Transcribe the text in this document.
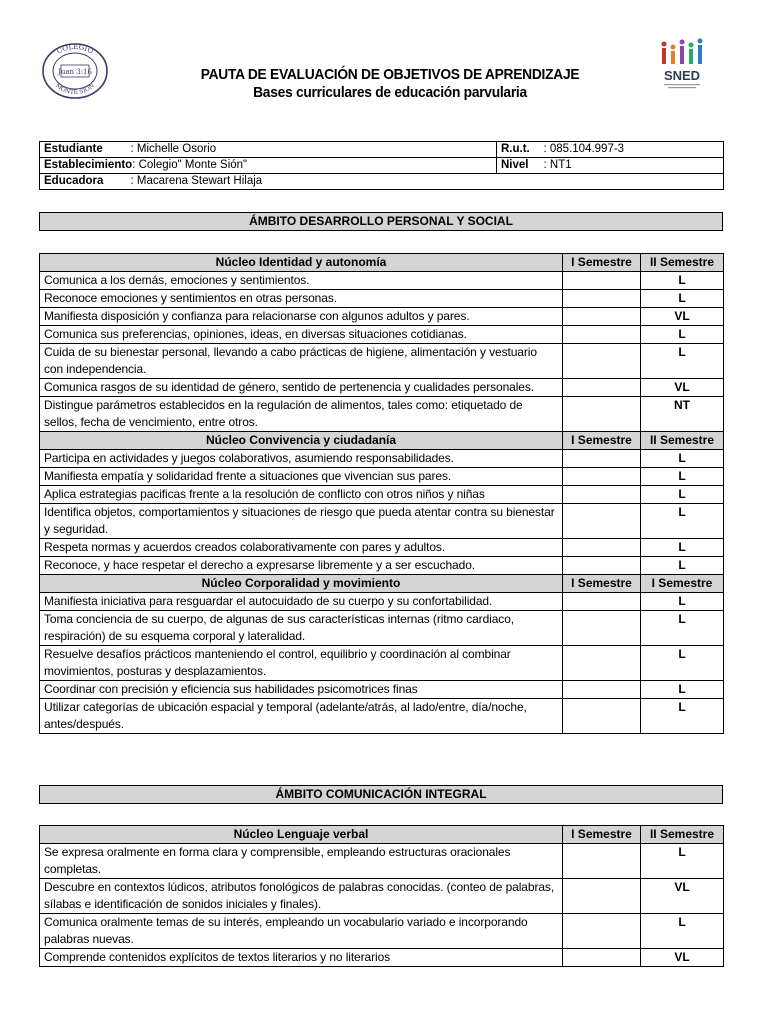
COLEGIO
MONTE SION
Juan 3:16	SNED
PAUTA DE EVALUACIÓN DE OBJETIVOS DE APRENDIZAJE
Bases curriculares de educación parvularia
Estudiante	: Michelle Osorio	R.u.t.	: 085.104.997-3
Establecimiento: Colegio" Monte Sión"		Nivel	: NT1
Educadora	: Macarena Stewart Hilaja		
ÁMBITO DESARROLLO PERSONAL Y SOCIAL
Núcleo Identidad y autonomía	I Semestre	II Semestre
Comunica a los demás, emociones y sentimientos.		L
Reconoce emociones y sentimientos en otras personas.		L
Manifiesta disposición y confianza para relacionarse con algunos adultos y pares.		VL
Comunica sus preferencias, opiniones, ideas, en diversas situaciones cotidianas.		L
Cuida de su bienestar personal, llevando a cabo prácticas de higiene, alimentación y vestuario con independencia.		L
Comunica rasgos de su identidad de género, sentido de pertenencia y cualidades personales.		VL
Distingue parámetros establecidos en la regulación de alimentos, tales como: etiquetado de sellos, fecha de vencimiento, entre otros.		NT
Núcleo Convivencia y ciudadanía	I Semestre	II Semestre
Participa en actividades y juegos colaborativos, asumiendo responsabilidades.		L
Manifiesta empatía y solidaridad frente a situaciones que vivencian sus pares.		L
Aplica estrategias pacificas frente a la resolución de conflicto con otros niños y niñas		L
Identifica objetos, comportamientos y situaciones de riesgo que pueda atentar contra su bienestar y seguridad.		L
Respeta normas y acuerdos creados colaborativamente con pares y adultos.		L
Reconoce, y hace respetar el derecho a expresarse libremente y a ser escuchado.		L
Núcleo Corporalidad y movimiento	I Semestre	I Semestre
Manifiesta iniciativa para resguardar el autocuidado de su cuerpo y su confortabilidad.		L
Toma conciencia de su cuerpo, de algunas de sus características internas (ritmo cardiaco, respiración) de su esquema corporal y lateralidad.		L
Resuelve desafíos prácticos manteniendo el control, equilibrio y coordinación al combinar movimientos, posturas y desplazamientos.		L
Coordinar con precisión y eficiencia sus habilidades psicomotrices finas		L
Utilizar categorías de ubicación espacial y temporal (adelante/atrás, al lado/entre, día/noche, antes/después.		L
ÁMBITO COMUNICACIÓN INTEGRAL
Núcleo Lenguaje verbal	I Semestre	II Semestre
Se expresa oralmente en forma clara y comprensible, empleando estructuras oracionales completas.		L
Descubre en contextos lúdicos, atributos fonológicos de palabras conocidas. (conteo de palabras, sílabas e identificación de sonidos iniciales y finales).		VL
Comunica oralmente temas de su interés, empleando un vocabulario variado e incorporando palabras nuevas.		L
Comprende contenidos explícitos de textos literarios y no literarios		VL
